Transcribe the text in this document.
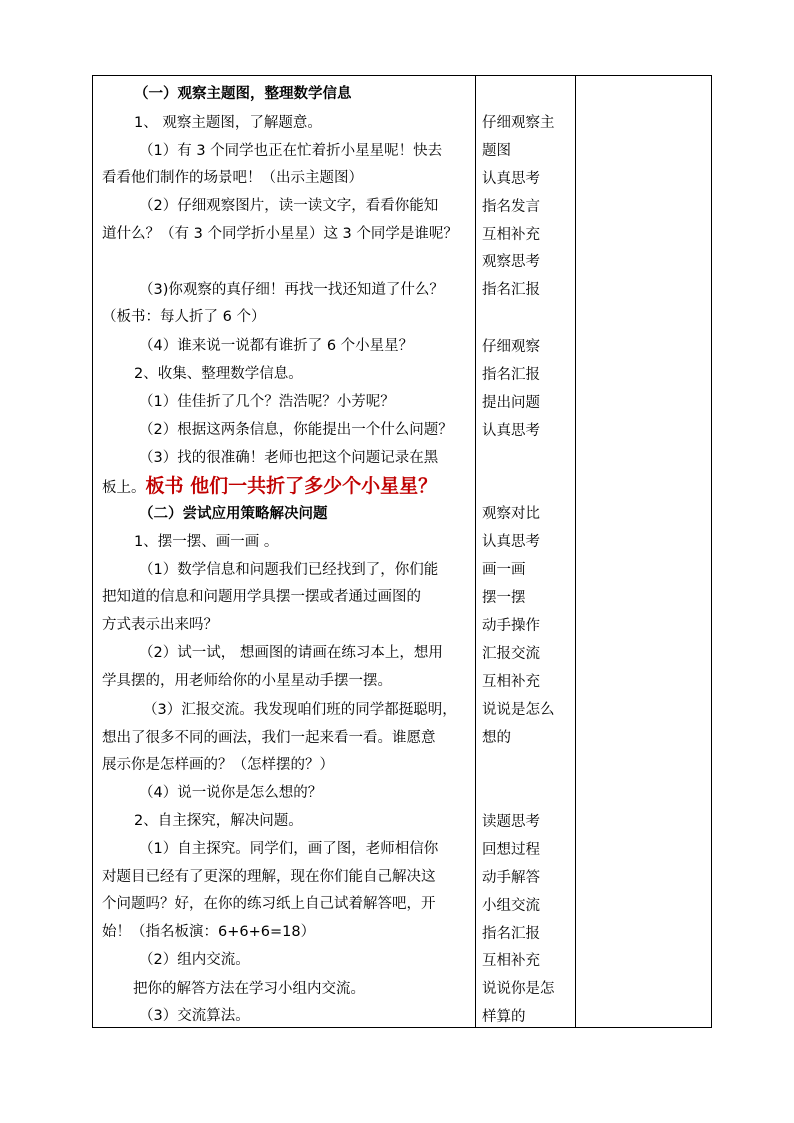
（一）观察主题图，整理数学信息
1、 观察主题图，了解题意。
（1）有 3 个同学也正在忙着折小星星呢！快去
看看他们制作的场景吧！（出示主题图）
（2）仔细观察图片，读一读文字，看看你能知
道什么？（有 3 个同学折小星星）这 3 个同学是谁呢？
（3)你观察的真仔细！再找一找还知道了什么？
（板书：每人折了 6 个）
（4）谁来说一说都有谁折了 6 个小星星？
2、收集、整理数学信息。
（1）佳佳折了几个？浩浩呢？小芳呢？
（2）根据这两条信息，你能提出一个什么问题？
（3）找的很准确！老师也把这个问题记录在黑
板上。板书 他们一共折了多少个小星星？
（二）尝试应用策略解决问题
1、摆一摆、画一画 。
（1）数学信息和问题我们已经找到了，你们能
把知道的信息和问题用学具摆一摆或者通过画图的
方式表示出来吗？
（2）试一试， 想画图的请画在练习本上，想用
学具摆的，用老师给你的小星星动手摆一摆。
（3）汇报交流。我发现咱们班的同学都挺聪明，
想出了很多不同的画法，我们一起来看一看。谁愿意
展示你是怎样画的？（怎样摆的？）
（4）说一说你是怎么想的？
2、自主探究，解决问题。
（1）自主探究。同学们，画了图，老师相信你
对题目已经有了更深的理解，现在你们能自己解决这
个问题吗？好，在你的练习纸上自己试着解答吧，开
始！（指名板演：6+6+6=18）
（2）组内交流。
把你的解答方法在学习小组内交流。
（3）交流算法。
仔细观察主
题图
认真思考
指名发言
互相补充
观察思考
指名汇报
仔细观察
指名汇报
提出问题
认真思考
观察对比
认真思考
画一画
摆一摆
动手操作
汇报交流
互相补充
说说是怎么
想的
读题思考
回想过程
动手解答
小组交流
指名汇报
互相补充
说说你是怎
样算的
